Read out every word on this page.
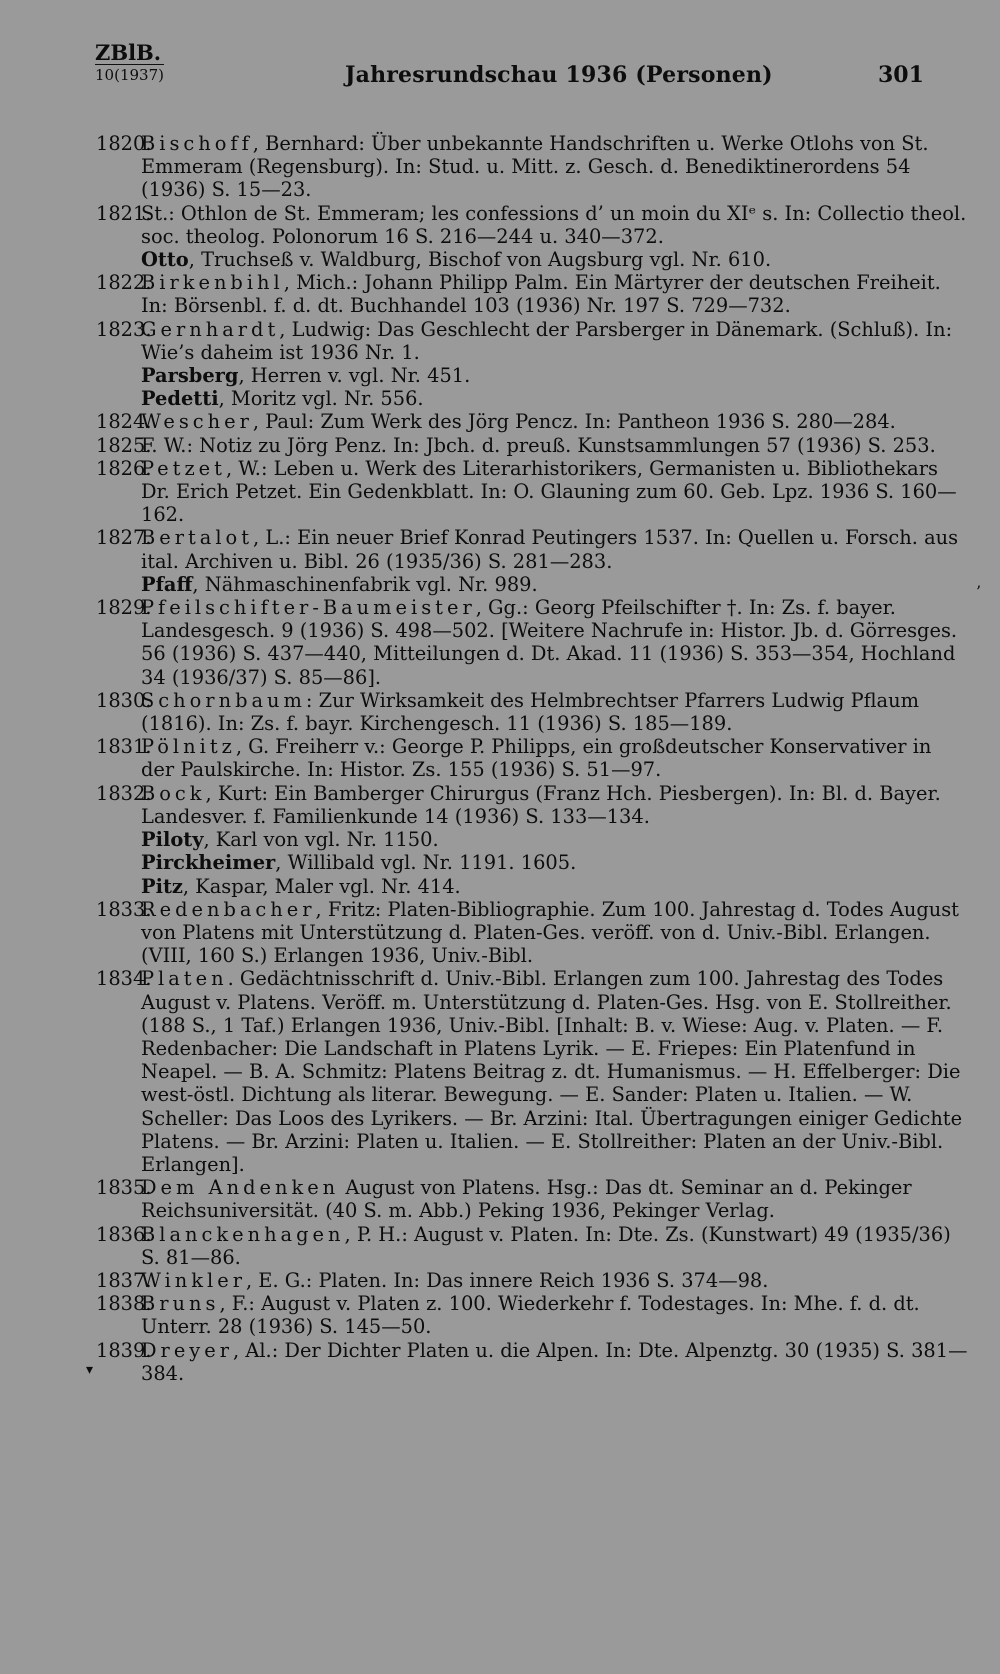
ZBlB.
10(1937)	Jahresrundschau 1936 (Personen)	301
1820.
Bischoff, Bernhard: Über unbekannte Handschriften u. Werke Otlohs von St. Emmeram (Regensburg). In: Stud. u. Mitt. z. Gesch. d. Benediktinerordens 54 (1936) S. 15—23.
1821.
St.: Othlon de St. Emmeram; les confessions d’ un moin du XIᵉ s. In: Collectio theol. soc. theolog. Polonorum 16 S. 216—244 u. 340—372.
Otto, Truchseß v. Waldburg, Bischof von Augsburg vgl. Nr. 610.
1822.
Birkenbihl, Mich.: Johann Philipp Palm. Ein Märtyrer der deutschen Freiheit. In: Börsenbl. f. d. dt. Buchhandel 103 (1936) Nr. 197 S. 729—732.
1823.
Gernhardt, Ludwig: Das Geschlecht der Parsberger in Dänemark. (Schluß). In: Wie’s daheim ist 1936 Nr. 1.
Parsberg, Herren v. vgl. Nr. 451.
Pedetti, Moritz vgl. Nr. 556.
1824.
Wescher, Paul: Zum Werk des Jörg Pencz. In: Pantheon 1936 S. 280—284.
1825.
F. W.: Notiz zu Jörg Penz. In: Jbch. d. preuß. Kunstsammlungen 57 (1936) S. 253.
1826.
Petzet, W.: Leben u. Werk des Literarhistorikers, Germanisten u. Bibliothekars Dr. Erich Petzet. Ein Gedenkblatt. In: O. Glauning zum 60. Geb. Lpz. 1936 S. 160—162.
1827.
Bertalot, L.: Ein neuer Brief Konrad Peutingers 1537. In: Quellen u. Forsch. aus ital. Archiven u. Bibl. 26 (1935/36) S. 281—283.
Pfaff, Nähmaschinenfabrik vgl. Nr. 989.
1829.
Pfeilschifter-Baumeister, Gg.: Georg Pfeilschifter †. In: Zs. f. bayer. Landesgesch. 9 (1936) S. 498—502. [Weitere Nachrufe in: Histor. Jb. d. Görresges. 56 (1936) S. 437—440, Mitteilungen d. Dt. Akad. 11 (1936) S. 353—354, Hochland 34 (1936/37) S. 85—86].
1830.
Schornbaum: Zur Wirksamkeit des Helmbrechtser Pfarrers Ludwig Pflaum (1816). In: Zs. f. bayr. Kirchengesch. 11 (1936) S. 185—189.
1831.
Pölnitz, G. Freiherr v.: George P. Philipps, ein großdeutscher Konservativer in der Paulskirche. In: Histor. Zs. 155 (1936) S. 51—97.
1832.
Bock, Kurt: Ein Bamberger Chirurgus (Franz Hch. Piesbergen). In: Bl. d. Bayer. Landesver. f. Familienkunde 14 (1936) S. 133—134.
Piloty, Karl von vgl. Nr. 1150.
Pirckheimer, Willibald vgl. Nr. 1191. 1605.
Pitz, Kaspar, Maler vgl. Nr. 414.
1833.
Redenbacher, Fritz: Platen-Bibliographie. Zum 100. Jahrestag d. Todes August von Platens mit Unterstützung d. Platen-Ges. veröff. von d. Univ.-Bibl. Erlangen. (VIII, 160 S.) Erlangen 1936, Univ.-Bibl.
1834.
Platen. Gedächtnisschrift d. Univ.-Bibl. Erlangen zum 100. Jahrestag des Todes August v. Platens. Veröff. m. Unterstützung d. Platen-Ges. Hsg. von E. Stollreither. (188 S., 1 Taf.) Erlangen 1936, Univ.-Bibl. [Inhalt: B. v. Wiese: Aug. v. Platen. — F. Redenbacher: Die Landschaft in Platens Lyrik. — E. Friepes: Ein Platenfund in Neapel. — B. A. Schmitz: Platens Beitrag z. dt. Humanismus. — H. Effelberger: Die west-östl. Dichtung als literar. Bewegung. — E. Sander: Platen u. Italien. — W. Scheller: Das Loos des Lyrikers. — Br. Arzini: Ital. Übertragungen einiger Gedichte Platens. — Br. Arzini: Platen u. Italien. — E. Stollreither: Platen an der Univ.-Bibl. Erlangen].
1835.
Dem Andenken August von Platens. Hsg.: Das dt. Seminar an d. Pekinger Reichsuniversität. (40 S. m. Abb.) Peking 1936, Pekinger Verlag.
1836.
Blanckenhagen, P. H.: August v. Platen. In: Dte. Zs. (Kunstwart) 49 (1935/36) S. 81—86.
1837.
Winkler, E. G.: Platen. In: Das innere Reich 1936 S. 374—98.
1838.
Bruns, F.: August v. Platen z. 100. Wiederkehr f. Todestages. In: Mhe. f. d. dt. Unterr. 28 (1936) S. 145—50.
1839.
Dreyer, Al.: Der Dichter Platen u. die Alpen. In: Dte. Alpenztg. 30 (1935) S. 381—384.
▾
’
